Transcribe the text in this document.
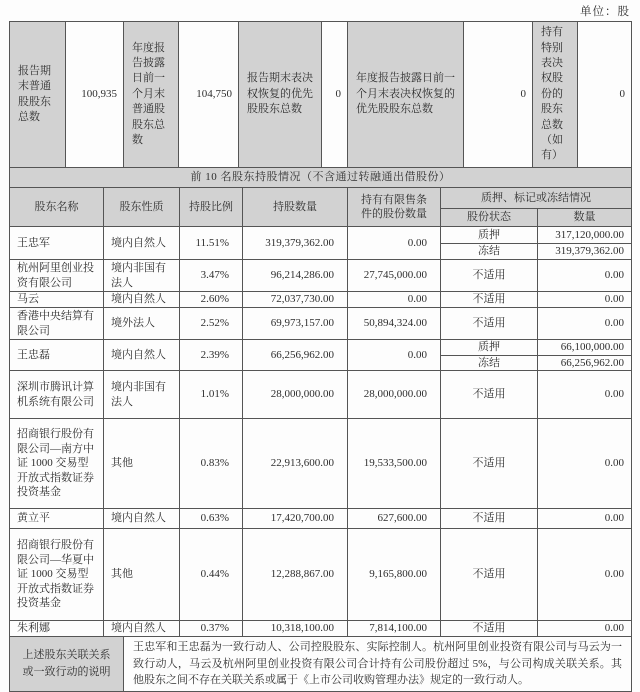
单位：股
报告期末普通股股东总数	100,935	年度报告披露日前一个月末普通股股东总数	104,750	报告期末表决权恢复的优先股股东总数	0	年度报告披露日前一个月末表决权恢复的优先股股东总数	0	持有特别表决权股份的股东总数（如有）	0
前 10 名股东持股情况（不含通过转融通出借股份）						
股东名称	股东性质	持股比例	持股数量	持有有限售条件的股份数量	质押、标记或冻结情况	
					股份状态	数量
王忠军	境内自然人	11.51%	319,379,362.00	0.00	质押	317,120,000.00
					冻结	319,379,362.00
杭州阿里创业投资有限公司	境内非国有法人	3.47%	96,214,286.00	27,745,000.00	不适用	0.00
马云	境内自然人	2.60%	72,037,730.00	0.00	不适用	0.00
香港中央结算有限公司	境外法人	2.52%	69,973,157.00	50,894,324.00	不适用	0.00
王忠磊	境内自然人	2.39%	66,256,962.00	0.00	质押	66,100,000.00
					冻结	66,256,962.00
深圳市腾讯计算机系统有限公司	境内非国有法人	1.01%	28,000,000.00	28,000,000.00	不适用	0.00
招商银行股份有限公司—南方中证 1000 交易型开放式指数证券投资基金	其他	0.83%	22,913,600.00	19,533,500.00	不适用	0.00
黄立平	境内自然人	0.63%	17,420,700.00	627,600.00	不适用	0.00
招商银行股份有限公司—华夏中证 1000 交易型开放式指数证券投资基金	其他	0.44%	12,288,867.00	9,165,800.00	不适用	0.00
朱利娜	境内自然人	0.37%	10,318,100.00	7,814,100.00	不适用	0.00

上述股东关联关系或一致行动的说明
王忠军和王忠磊为一致行动人、公司控股股东、实际控制人。杭州阿里创业投资有限公司与马云为一致行动人，马云及杭州阿里创业投资有限公司合计持有公司股份超过 5%，与公司构成关联关系。其他股东之间不存在关联关系或属于《上市公司收购管理办法》规定的一致行动人。						
